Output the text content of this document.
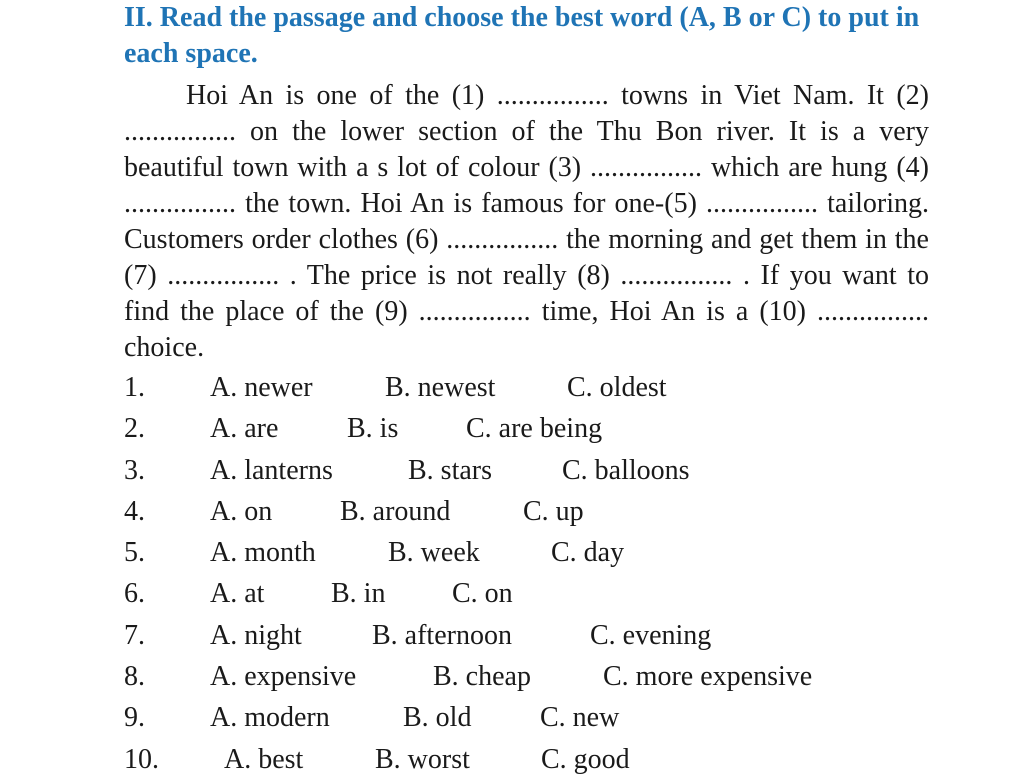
II. Read the passage and choose the best word (A, B or C) to put in each space.

Hoi An is one of the (1) ................ towns in Viet Nam. It (2) ................ on the lower section of the Thu Bon river. It is a very beautiful town with a s lot of colour (3) ................ which are hung (4) ................ the town. Hoi An is famous for one-(5) ................ tailoring. Customers order clothes (6) ................ the morning and get them in the (7) ................ . The price is not really (8) ................ . If you want to find the place of the (9) ................ time, Hoi An is a (10) ................ choice.

1. A. newer	B. newest	C. oldest
2. A. are B. is C. are being
3. A. lanterns	B. stars	C. balloons
4. A. on B. around	C. up
5. A. month	B. week	C. day
6. A. at B. in C. on
7. A. night	B. afternoon	C. evening
8. A. expensive	B. cheap	C. more expensive
9. A. modern	B. old C. new
10. A. best	B. worst	C. good
